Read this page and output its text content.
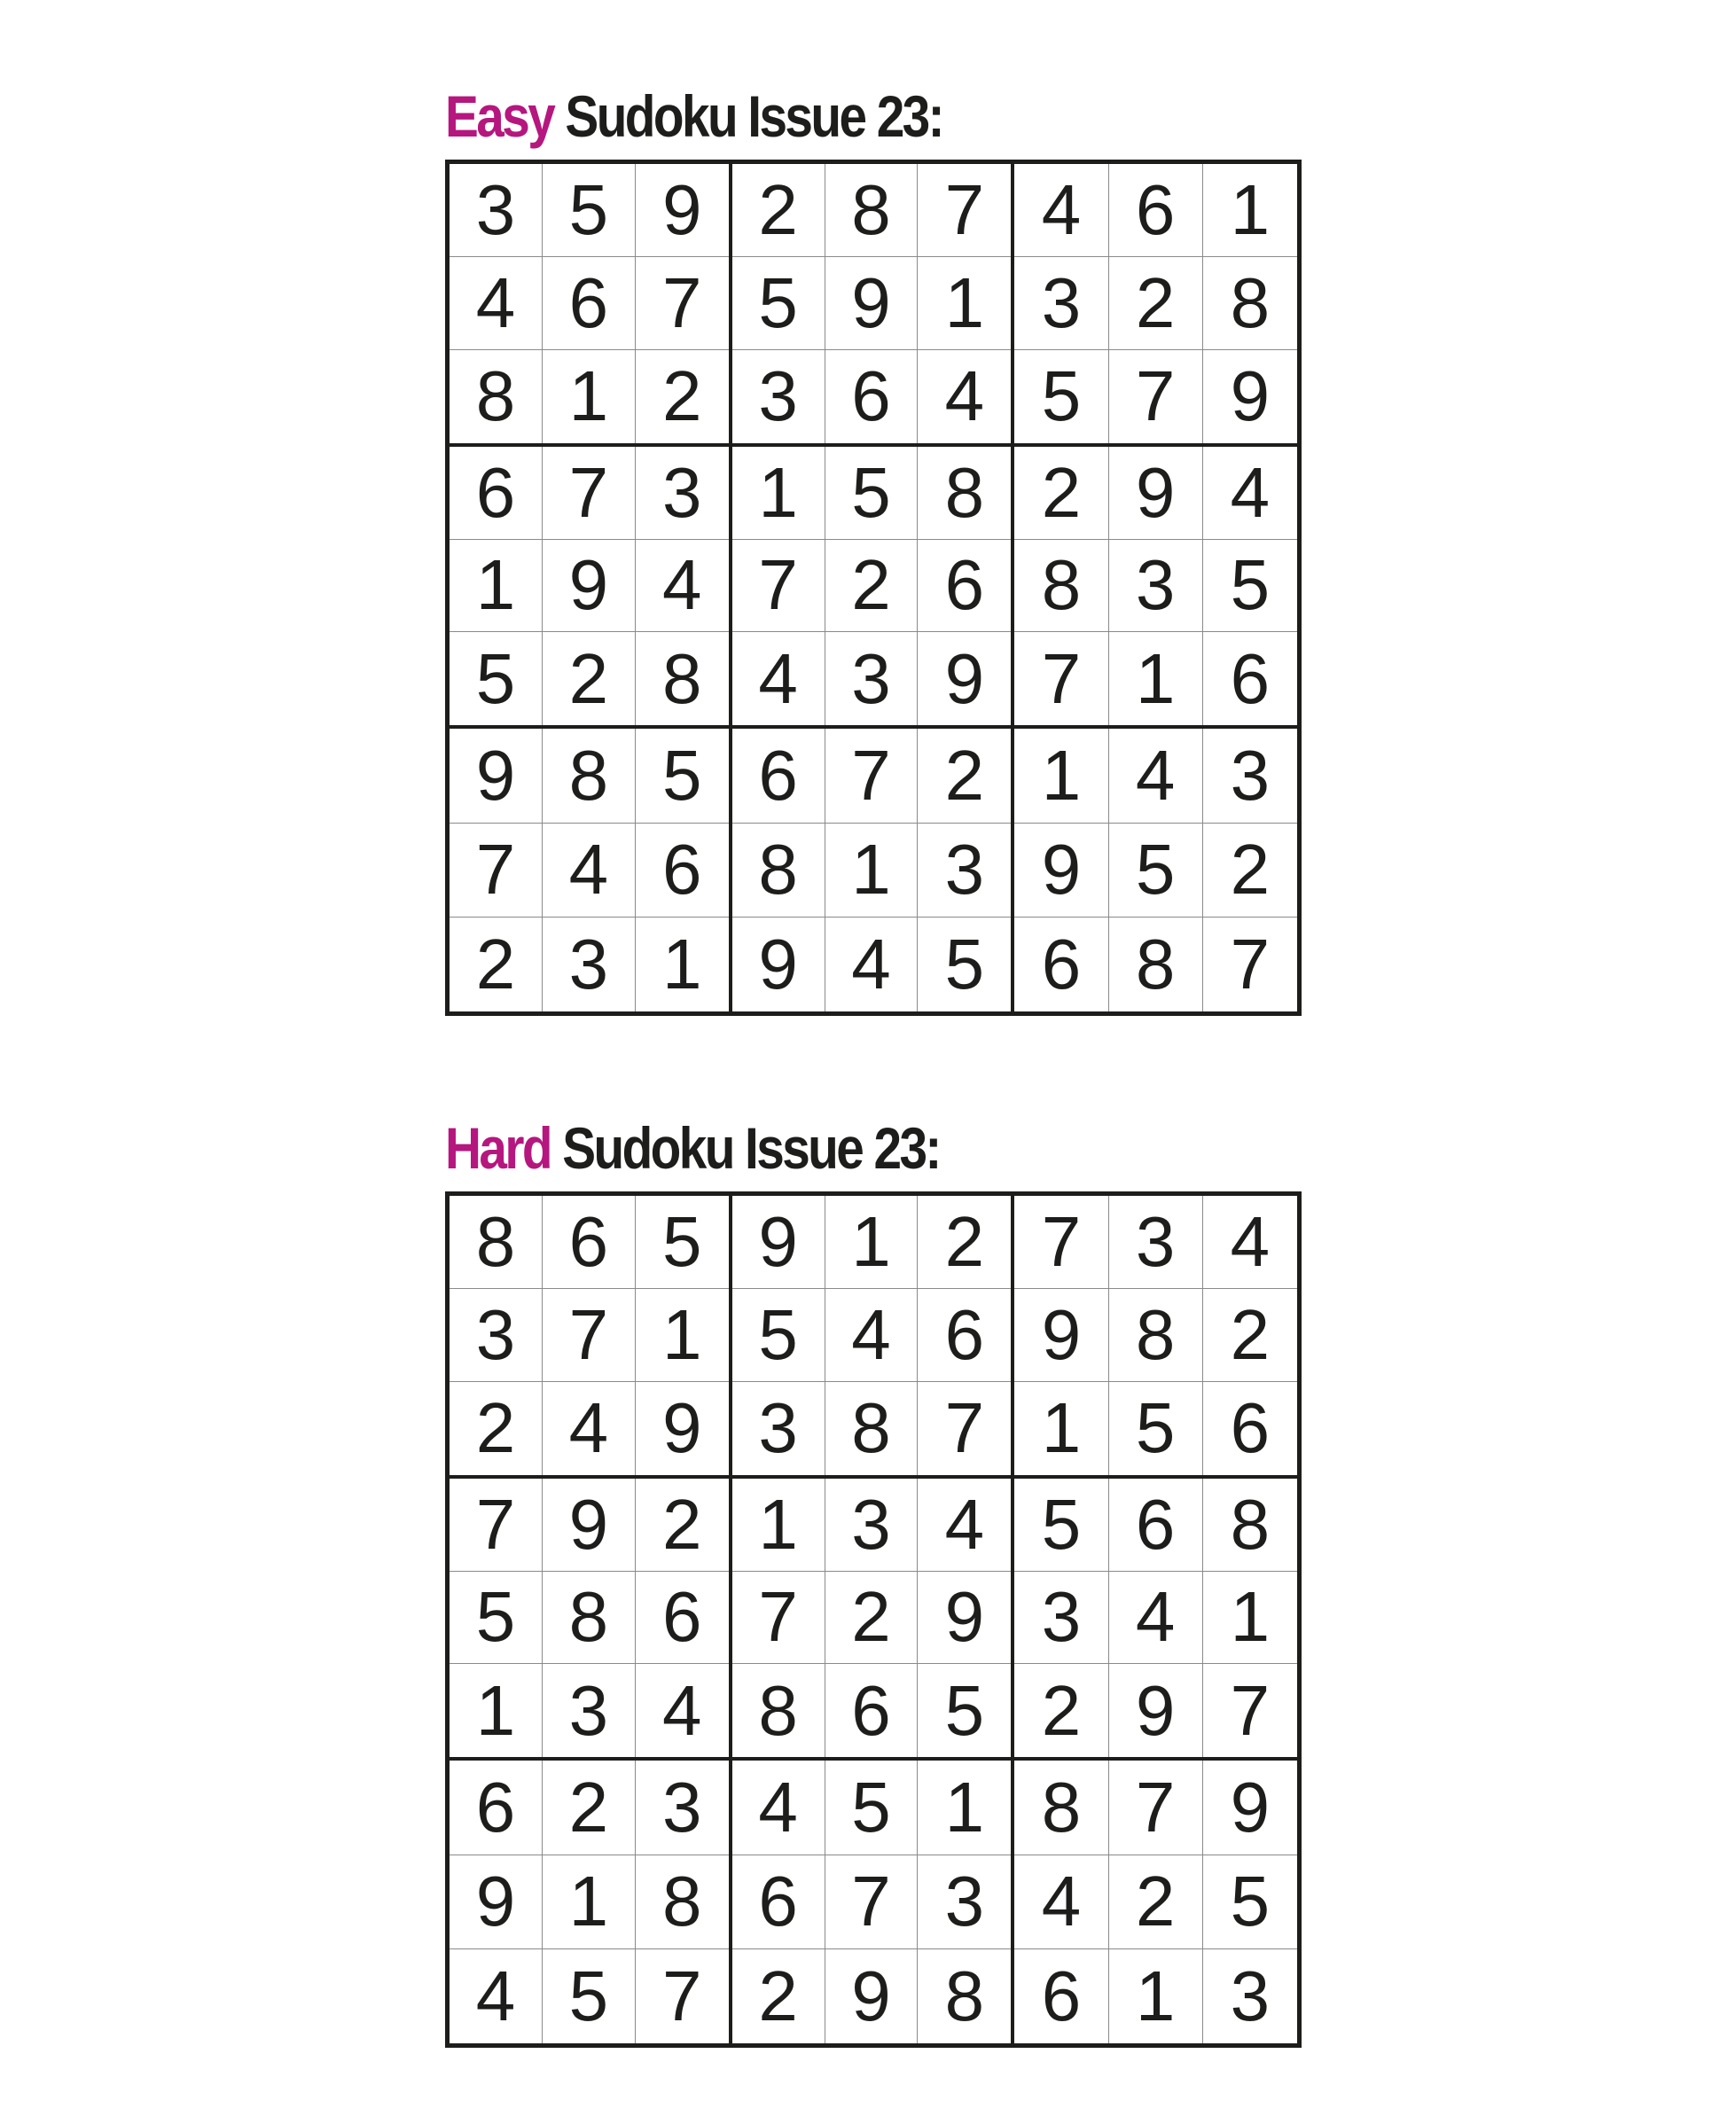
Easy Sudoku Issue 23:
3 5 9
4 6 7
8 1 2
2 8 7
5 9 1
3 6 4
4 6 1
3 2 8
5 7 9
6 7 3
1 9 4
5 2 8
1 5 8
7 2 6
4 3 9
2 9 4
8 3 5
7 1 6
9 8 5
7 4 6
2 3 1
6 7 2
8 1 3
9 4 5
1 4 3
9 5 2
6 8 7
Hard Sudoku Issue 23:
8 6 5
3 7 1
2 4 9
9 1 2
5 4 6
3 8 7
7 3 4
9 8 2
1 5 6
7 9 2
5 8 6
1 3 4
1 3 4
7 2 9
8 6 5
5 6 8
3 4 1
2 9 7
6 2 3
9 1 8
4 5 7
4 5 1
6 7 3
2 9 8
8 7 9
4 2 5
6 1 3
